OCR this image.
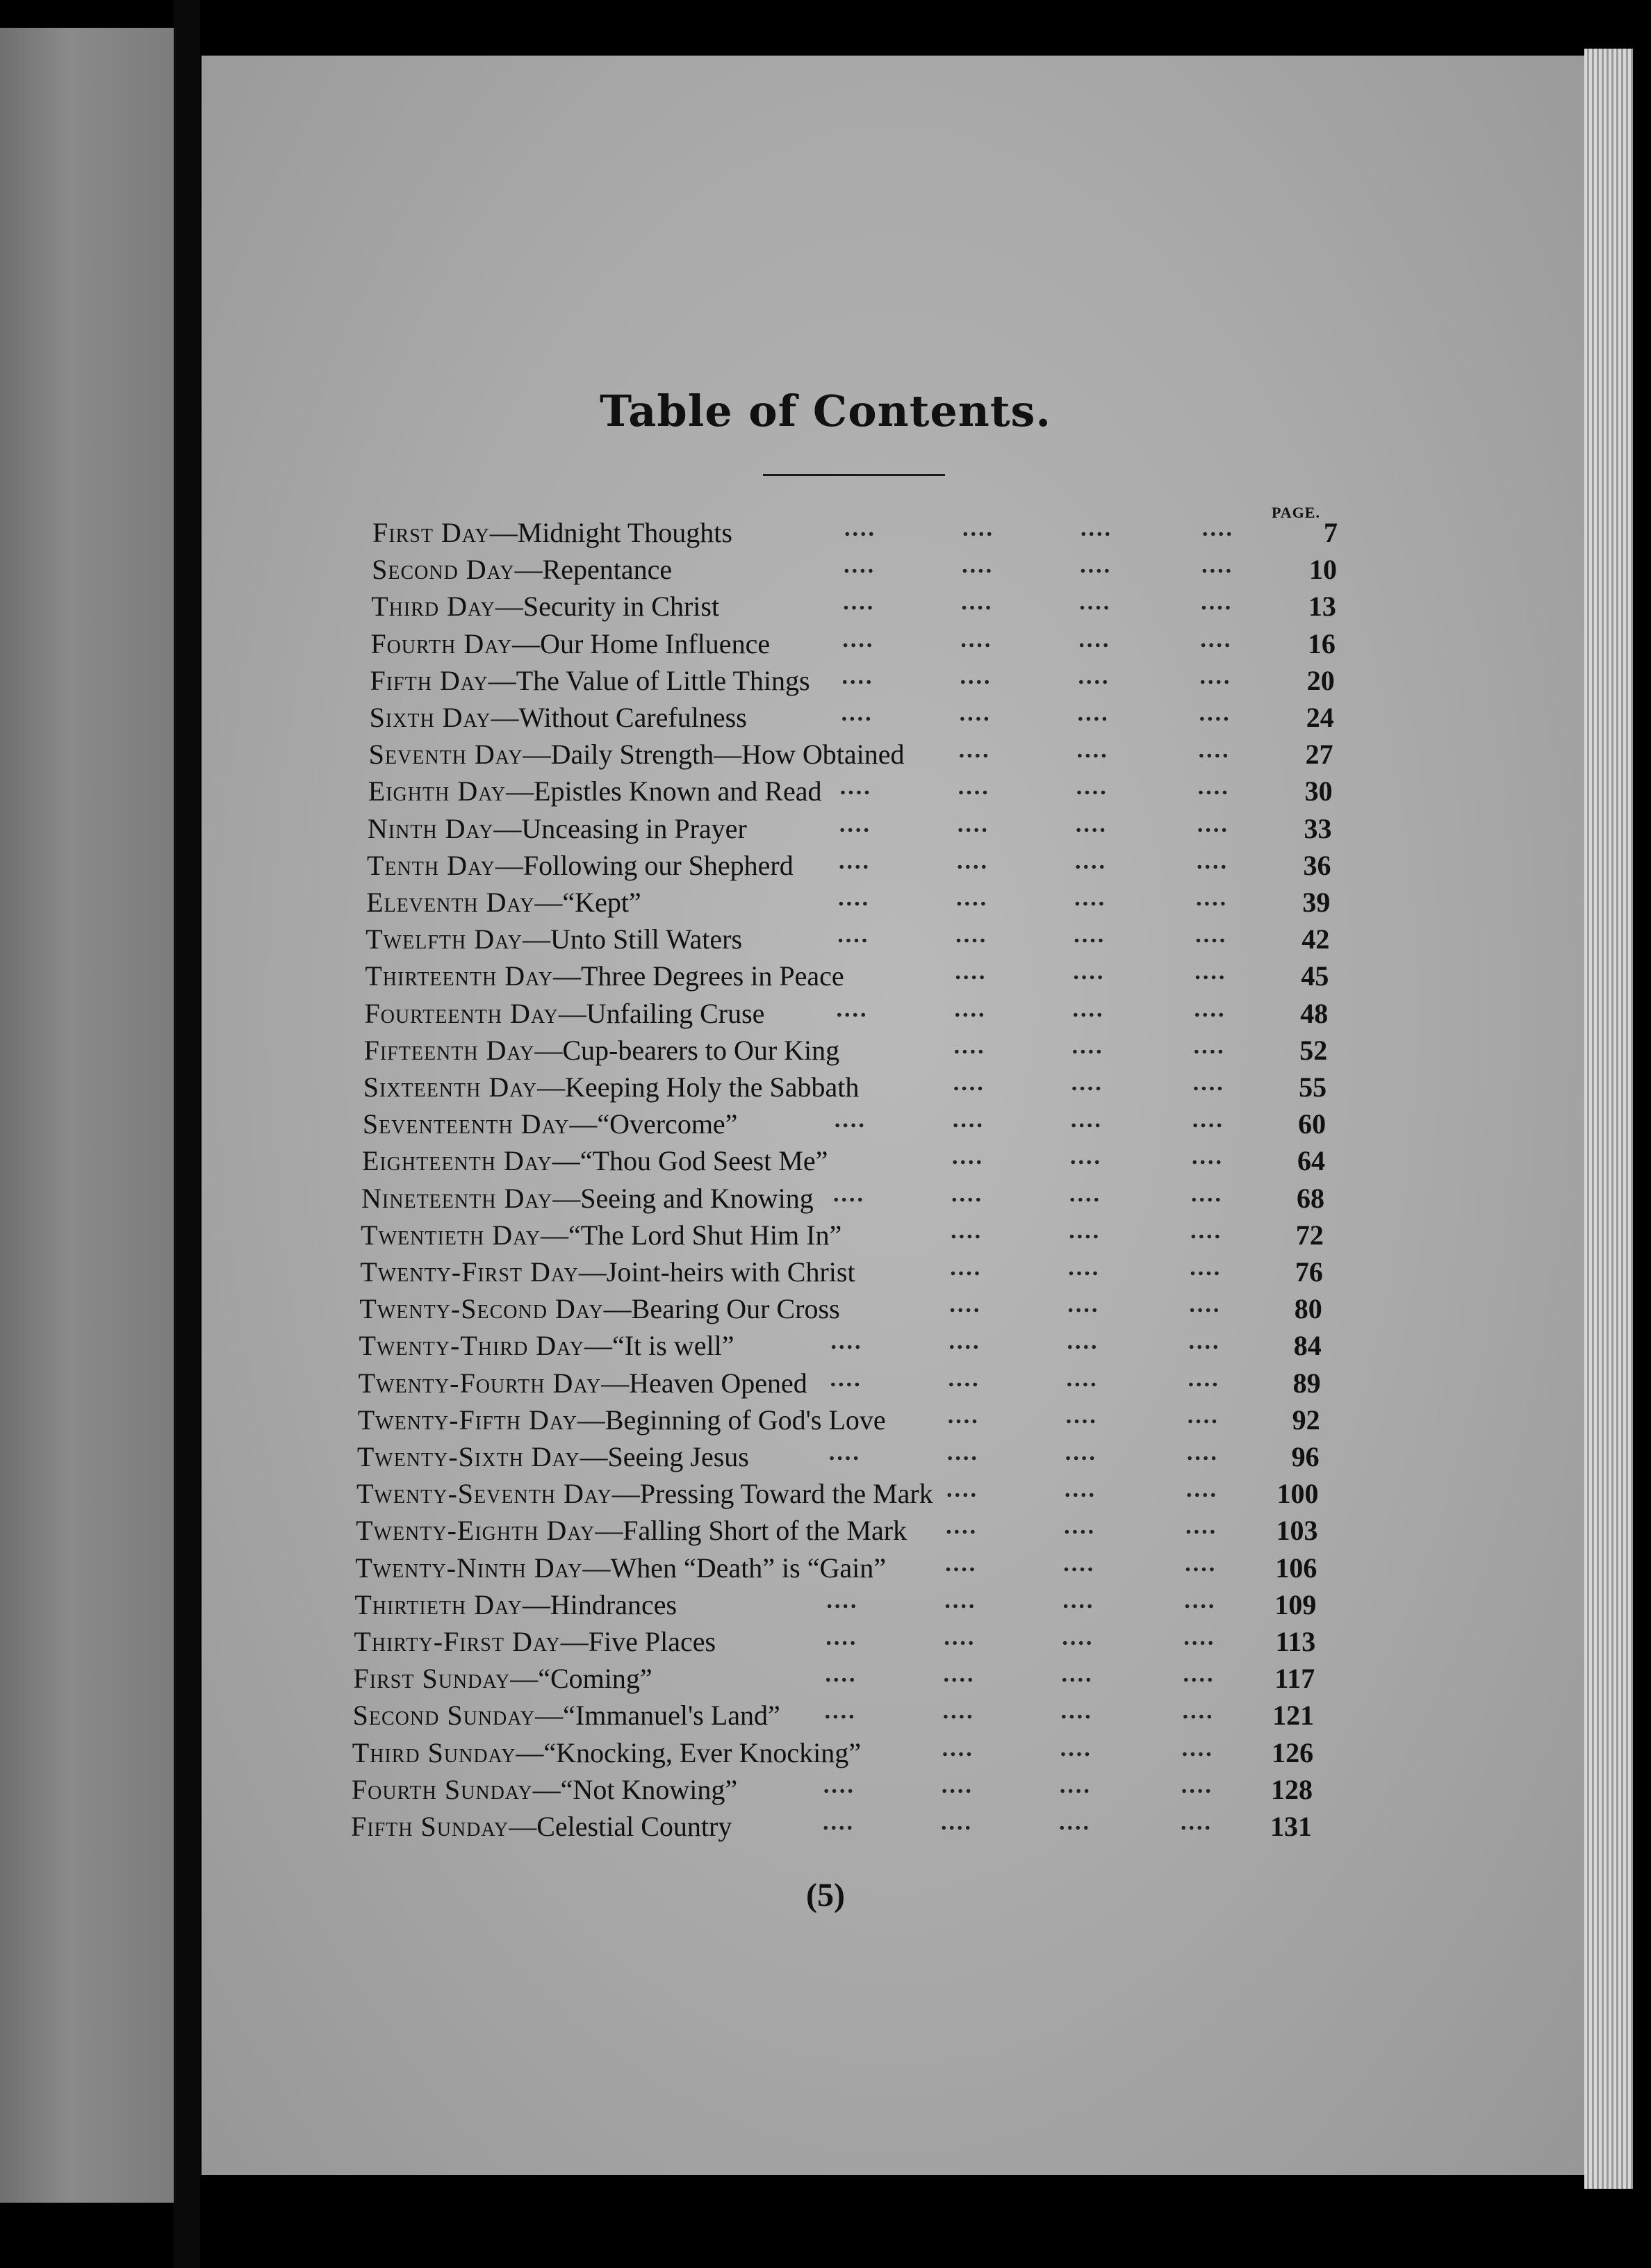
Table of Contents.
PAGE.
First Day—Midnight Thoughts	....	....	....	....	7
Second Day—Repentance	....	....	....	....	10
Third Day—Security in Christ	....	....	....	....	13
Fourth Day—Our Home Influence	....	....	....	....	16
Fifth Day—The Value of Little Things ....	....	....	....	20
Sixth Day—Without Carefulness	....	....	....	....	24
Seventh Day—Daily Strength—How Obtained ....	....	....	27
Eighth Day—Epistles Known and Read ....	....	....	....	30
Ninth Day—Unceasing in Prayer	....	....	....	....	33
Tenth Day—Following our Shepherd ....	....	....	....	36
Eleventh Day—“Kept”	....	....	....	....	39
Twelfth Day—Unto Still Waters	....	....	....	....	42
Thirteenth Day—Three Degrees in Peace	....	....	....	45
Fourteenth Day—Unfailing Cruse	....	....	....	....	48
Fifteenth Day—Cup-bearers to Our King	....	....	....	52
Sixteenth Day—Keeping Holy the Sabbath	....	....	....	55
Seventeenth Day—“Overcome”	....	....	....	....	60
Eighteenth Day—“Thou God Seest Me”	....	....	....	64
Nineteenth Day—Seeing and Knowing ....	....	....	....	68
Twentieth Day—“The Lord Shut Him In”	....	....	....	72
Twenty-First Day—Joint-heirs with Christ	....	....	....	76
Twenty-Second Day—Bearing Our Cross	....	....	....	80
Twenty-Third Day—“It is well”	....	....	....	....	84
Twenty-Fourth Day—Heaven Opened ....	....	....	....	89
Twenty-Fifth Day—Beginning of God's Love	....	....	....	92
Twenty-Sixth Day—Seeing Jesus	....	....	....	....	96
Twenty-Seventh Day—Pressing Toward the Mark ....	....	.... 100
Twenty-Eighth Day—Falling Short of the Mark ....	....	.... 103
Twenty-Ninth Day—When “Death” is “Gain”	....	....	.... 106
Thirtieth Day—Hindrances	....	....	....	.... 109
Thirty-First Day—Five Places	....	....	....	....	113
First Sunday—“Coming”	....	....	....	....	117
Second Sunday—“Immanuel's Land” ....	....	....	.... 121
Third Sunday—“Knocking, Ever Knocking”	....	....	.... 126
Fourth Sunday—“Not Knowing”	....	....	....	.... 128
Fifth Sunday—Celestial Country	....	....	....	.... 131
(5)
